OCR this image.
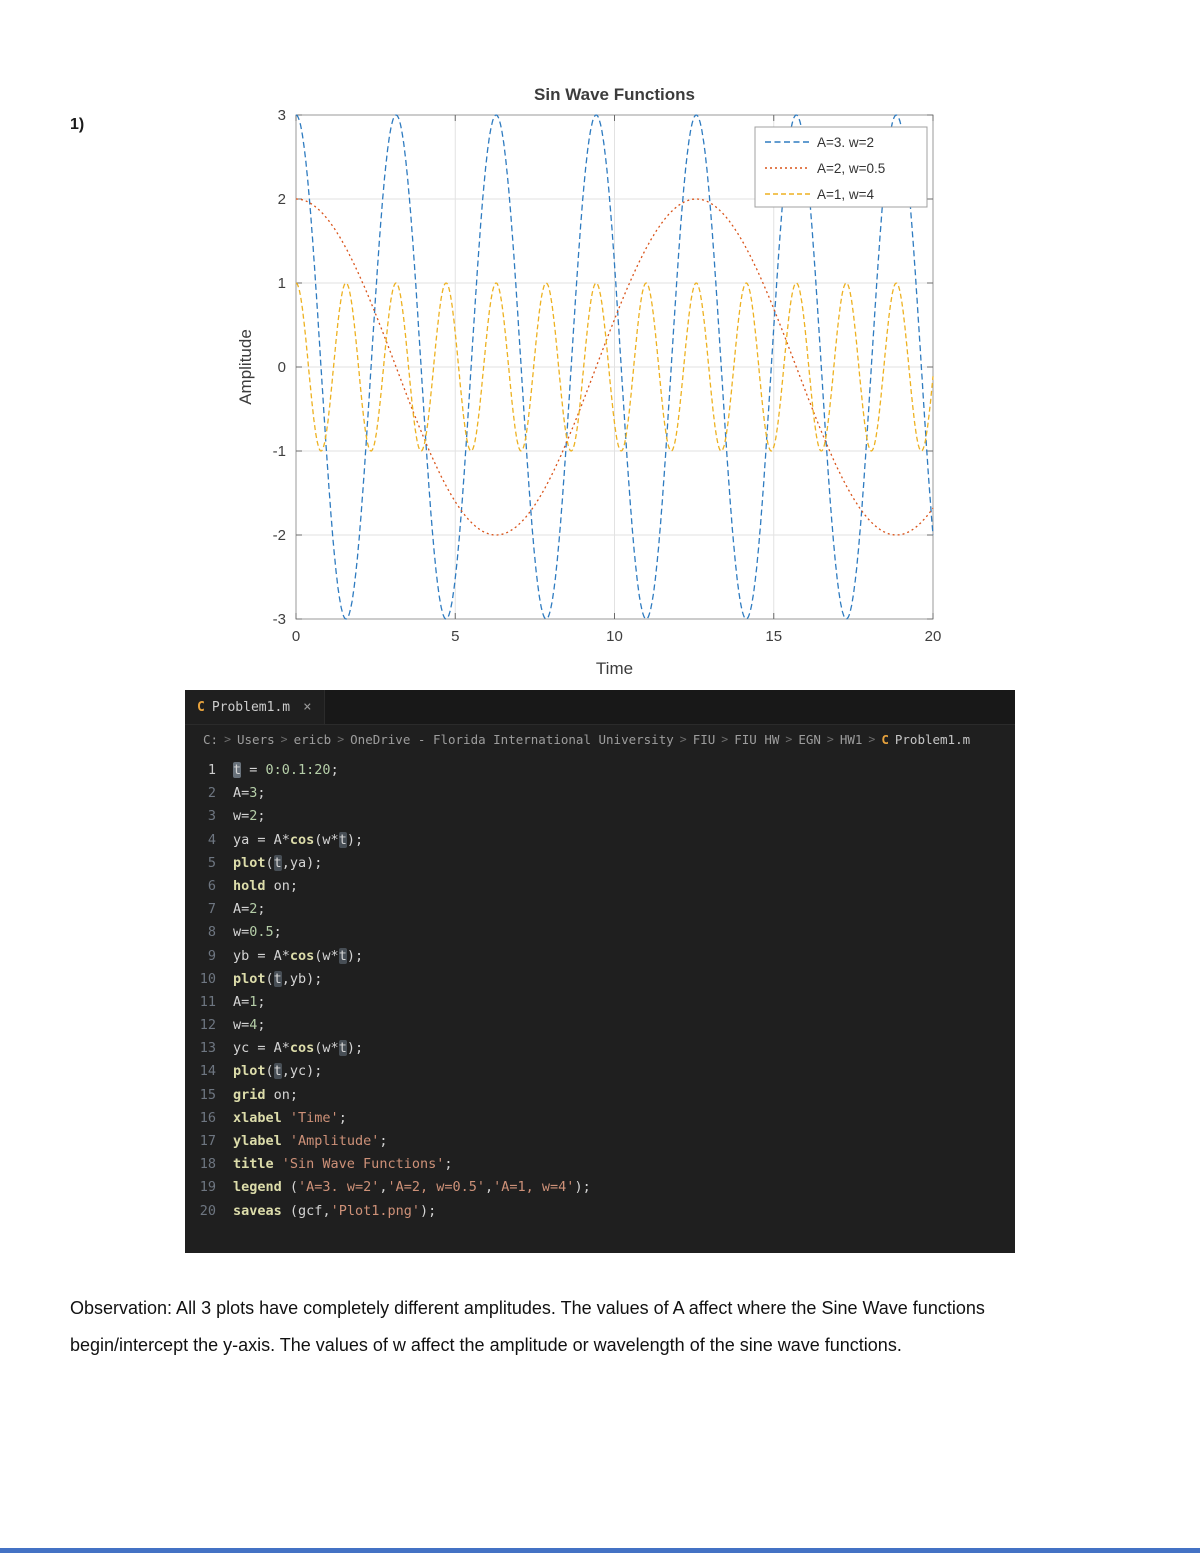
1)
0	5	10	15	20
-3
-2
-1
0
1
2
3
Sin Wave Functions
Time
Amplitude
A=3. w=2
A=2, w=0.5
A=1, w=4
C Problem1.m ×
C: > Users > ericb > OneDrive - Florida International University > FIU > FIU HW > EGN > HW1 > C Problem1.m
1	t = 0:0.1:20;
2	A=3;
3	w=2;
4	ya = A*cos(w*t);
5	plot(t,ya);
6	hold on;
7	A=2;
8	w=0.5;
9	yb = A*cos(w*t);
10	plot(t,yb);
11	A=1;
12	w=4;
13	yc = A*cos(w*t);
14	plot(t,yc);
15	grid on;
16	xlabel 'Time';
17	ylabel 'Amplitude';
18	title 'Sin Wave Functions';
19	legend ('A=3. w=2','A=2, w=0.5','A=1, w=4');
20	saveas (gcf,'Plot1.png');
Observation: All 3 plots have completely different amplitudes. The values of A affect where the Sine Wave functions begin/intercept the y-axis. The values of w affect the amplitude or wavelength of the sine wave functions.
